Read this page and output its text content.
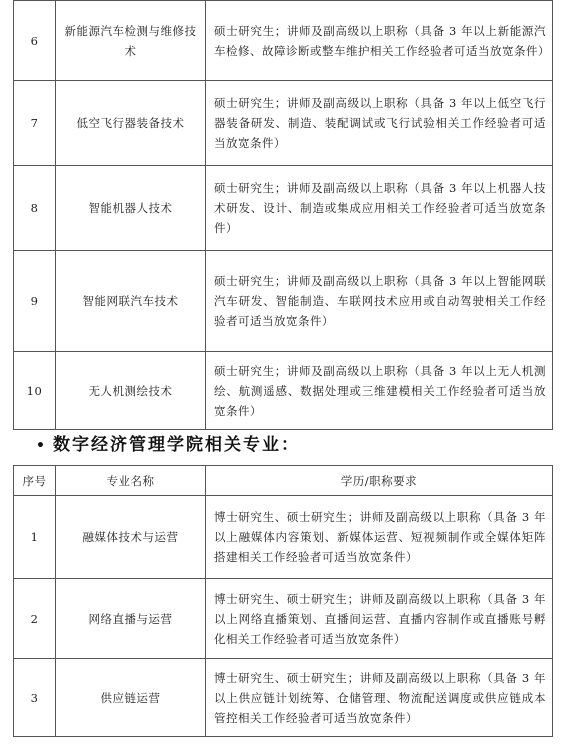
6	新能源汽车检测与维修技术	硕士研究生；讲师及副高级以上职称（具备 3 年以上新能源汽车检修、故障诊断或整车维护相关工作经验者可适当放宽条件）
7	低空飞行器装备技术	硕士研究生；讲师及副高级以上职称（具备 3 年以上低空飞行器装备研发、制造、装配调试或飞行试验相关工作经验者可适当放宽条件）
8	智能机器人技术	硕士研究生；讲师及副高级以上职称（具备 3 年以上机器人技术研发、设计、制造或集成应用相关工作经验者可适当放宽条件）
9	智能网联汽车技术	硕士研究生；讲师及副高级以上职称（具备 3 年以上智能网联汽车研发、智能制造、车联网技术应用或自动驾驶相关工作经验者可适当放宽条件）
10	无人机测绘技术	硕士研究生；讲师及副高级以上职称（具备 3 年以上无人机测绘、航测遥感、数据处理或三维建模相关工作经验者可适当放宽条件）
• 数字经济管理学院相关专业：
序号	专业名称	学历/职称要求
1	融媒体技术与运营	博士研究生、硕士研究生；讲师及副高级以上职称（具备 3 年以上融媒体内容策划、新媒体运营、短视频制作或全媒体矩阵搭建相关工作经验者可适当放宽条件）
2	网络直播与运营	博士研究生、硕士研究生；讲师及副高级以上职称（具备 3 年以上网络直播策划、直播间运营、直播内容制作或直播账号孵化相关工作经验者可适当放宽条件）
3	供应链运营	博士研究生、硕士研究生；讲师及副高级以上职称（具备 3 年以上供应链计划统筹、仓储管理、物流配送调度或供应链成本管控相关工作经验者可适当放宽条件）
